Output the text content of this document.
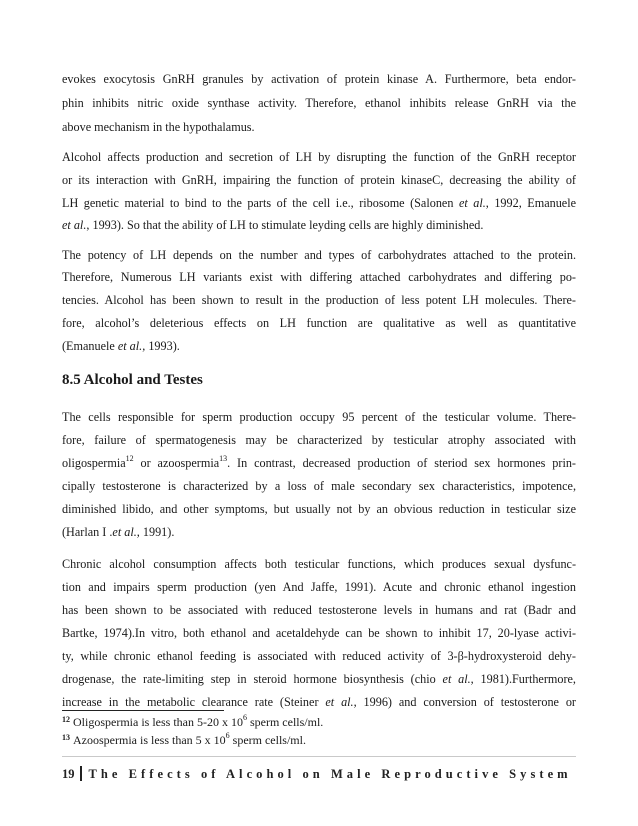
evokes exocytosis GnRH granules by activation of protein kinase A. Furthermore, beta endor-
phin inhibits nitric oxide synthase activity. Therefore, ethanol inhibits release GnRH via the
above mechanism in the hypothalamus.
Alcohol affects production and secretion of LH by disrupting the function of the GnRH receptor
or its interaction with GnRH, impairing the function of protein kinaseC, decreasing the ability of
LH genetic material to bind to the parts of the cell i.e., ribosome (Salonen et al., 1992, Emanuele
et al., 1993). So that the ability of LH to stimulate leyding cells are highly diminished.
The potency of LH depends on the number and types of carbohydrates attached to the protein.
Therefore, Numerous LH variants exist with differing attached carbohydrates and differing po-
tencies. Alcohol has been shown to result in the production of less potent LH molecules. There-
fore, alcohol’s deleterious effects on LH function are qualitative as well as quantitative
(Emanuele et al., 1993).
8.5 Alcohol and Testes
The cells responsible for sperm production occupy 95 percent of the testicular volume. There-
fore, failure of spermatogenesis may be characterized by testicular atrophy associated with
oligospermia$^{12}$ or azoospermia$^{13}$. In contrast, decreased production of steriod sex hormones prin-
cipally testosterone is characterized by a loss of male secondary sex characteristics, impotence,
diminished libido, and other symptoms, but usually not by an obvious reduction in testicular size
(Harlan I .et al., 1991).
Chronic alcohol consumption affects both testicular functions, which produces sexual dysfunc-
tion and impairs sperm production (yen And Jaffe, 1991). Acute and chronic ethanol ingestion
has been shown to be associated with reduced testosterone levels in humans and rat (Badr and
Bartke, 1974).In vitro, both ethanol and acetaldehyde can be shown to inhibit 17, 20-lyase activi-
ty, while chronic ethanol feeding is associated with reduced activity of 3-β-hydroxysteroid dehy-
drogenase, the rate-limiting step in steroid hormone biosynthesis (chio et al., 1981).Furthermore,
increase in the metabolic clearance rate (Steiner et al., 1996) and conversion of testosterone or
19 The Effects of Alcohol on Male Reproductive System
$^{12}$ Oligospermia is less than 5-20 x $10^6$ sperm cells/ml.
$^{13}$ Azoospermia is less than 5 x $10^6$ sperm cells/ml.
